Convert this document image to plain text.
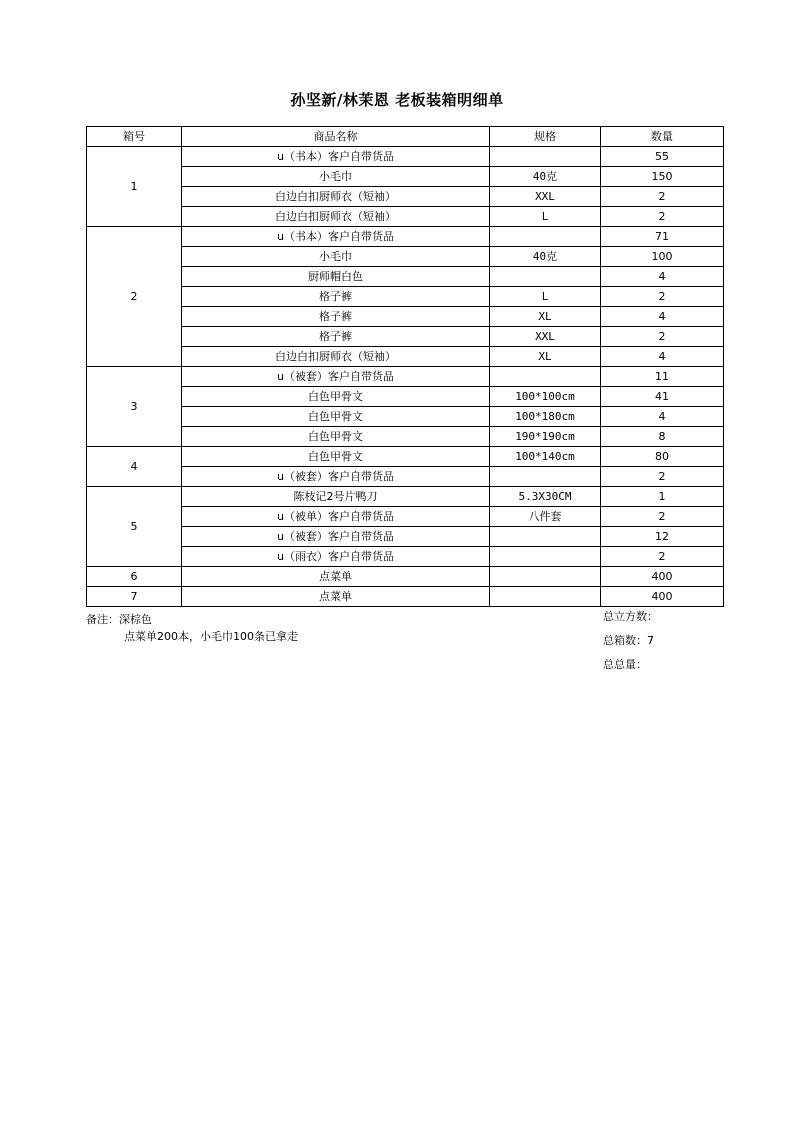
孙坚新/林茉恩 老板装箱明细单
箱号	商品名称	规格	数量
1	u（书本）客户自带货品		55
	小毛巾	40克	150
	白边白扣厨师衣（短袖）	XXL	2
	白边白扣厨师衣（短袖）	L	2
2	u（书本）客户自带货品		71
	小毛巾	40克	100
	厨师帽白色		4
	格子裤	L	2
	格子裤	XL	4
	格子裤	XXL	2
	白边白扣厨师衣（短袖）	XL	4
3	u（被套）客户自带货品		11
	白色甲骨文	100*100cm	41
	白色甲骨文	100*180cm	4
	白色甲骨文	190*190cm	8
4	白色甲骨文	100*140cm	80
	u（被套）客户自带货品		2
5	陈枝记2号片鸭刀	5.3X30CM	1
	u（被单）客户自带货品	八件套	2
	u（被套）客户自带货品		12
	u（雨衣）客户自带货品		2
6	点菜单		400
7	点菜单		400
备注：深棕色
点菜单200本，小毛巾100条已拿走
总立方数：
总箱数：7
总总量：
